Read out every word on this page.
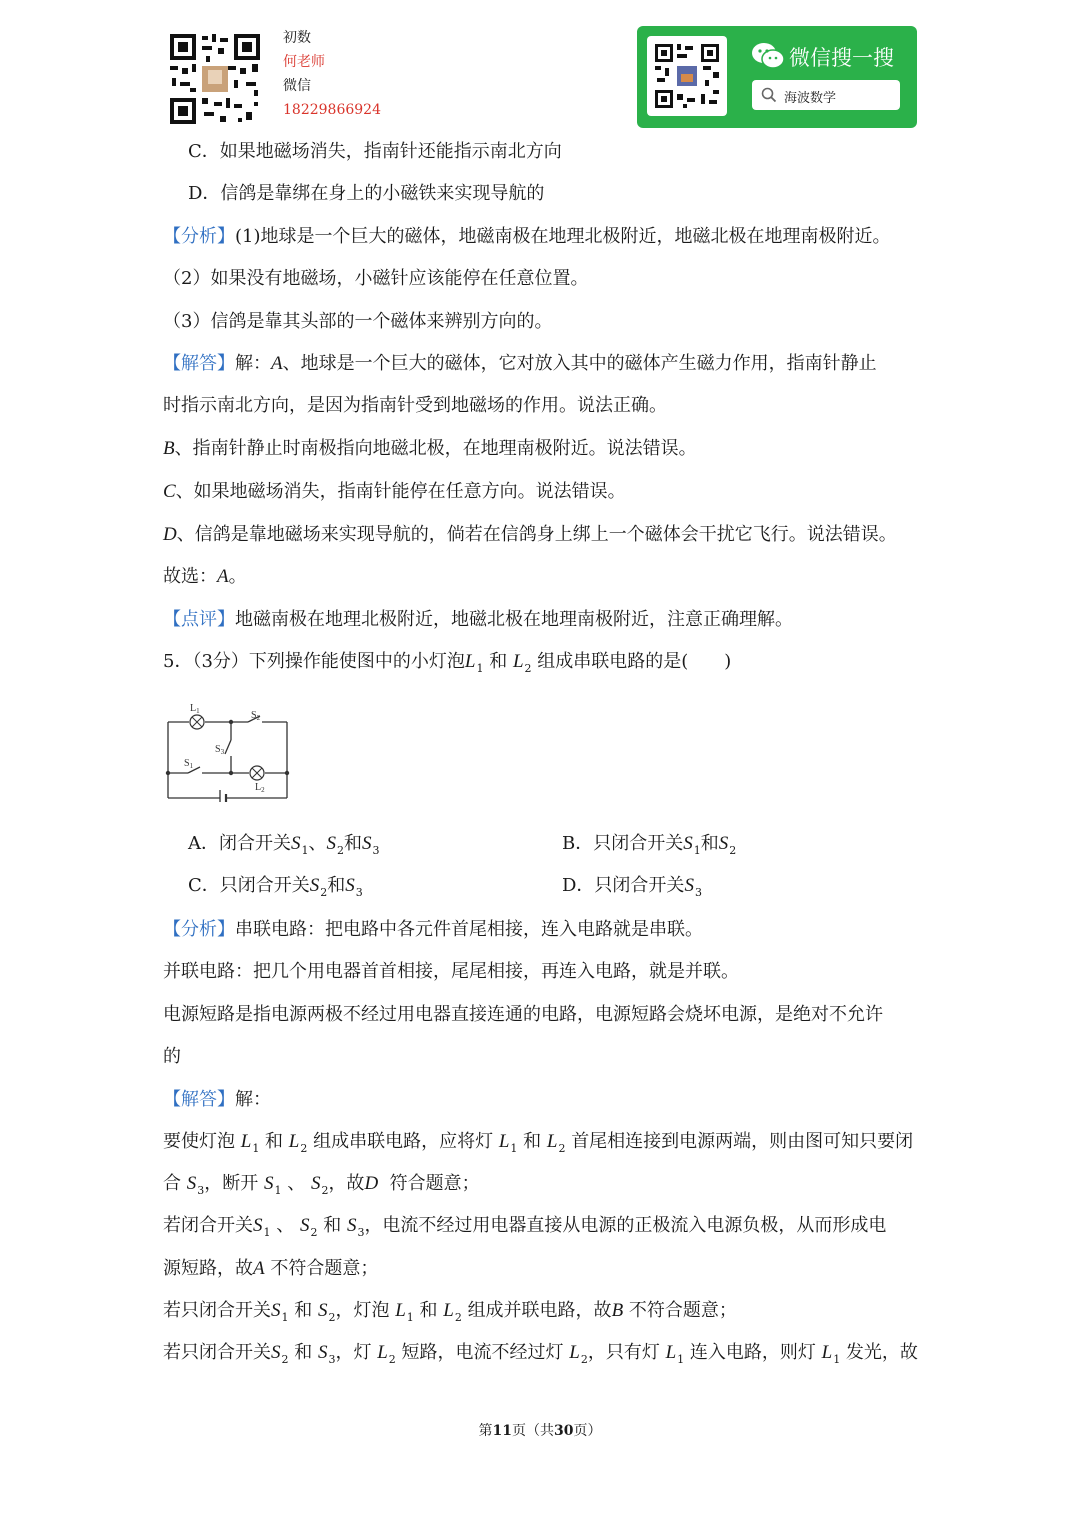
初数
何老师
微信
18229866924
微信搜一搜
海波数学
C．如果地磁场消失，指南针还能指示南北方向
D．信鸽是靠绑在身上的小磁铁来实现导航的
【分析】(1)地球是一个巨大的磁体，地磁南极在地理北极附近，地磁北极在地理南极附近。
（2）如果没有地磁场，小磁针应该能停在任意位置。
（3）信鸽是靠其头部的一个磁体来辨别方向的。
【解答】解：A、地球是一个巨大的磁体，它对放入其中的磁体产生磁力作用，指南针静止
时指示南北方向，是因为指南针受到地磁场的作用。说法正确。
B、指南针静止时南极指向地磁北极，在地理南极附近。说法错误。
C、如果地磁场消失，指南针能停在任意方向。说法错误。
D、信鸽是靠地磁场来实现导航的，倘若在信鸽身上绑上一个磁体会干扰它飞行。说法错误。
故选：A。
【点评】地磁南极在地理北极附近，地磁北极在地理南极附近，注意正确理解。
5．（3分）下列操作能使图中的小灯泡$L_1$ 和 $L_2$ 组成串联电路的是(　　)
$L_1$	$S_2$
$S_3$
$S_1$
$L_2$
A．闭合开关$S_1$、$S_2$和$S_3$	B．只闭合开关$S_1$和$S_2$
C．只闭合开关$S_2$和$S_3$	D．只闭合开关$S_3$
【分析】串联电路：把电路中各元件首尾相接，连入电路就是串联。
并联电路：把几个用电器首首相接，尾尾相接，再连入电路，就是并联。
电源短路是指电源两极不经过用电器直接连通的电路，电源短路会烧坏电源，是绝对不允许
的
【解答】解：
要使灯泡 $L_1$ 和 $L_2$ 组成串联电路，应将灯 $L_1$ 和 $L_2$ 首尾相连接到电源两端，则由图可知只要闭
合 $S_3$，断开 $S_1$ 、 $S_2$，故D 符合题意；
若闭合开关$S_1$ 、 $S_2$ 和 $S_3$，电流不经过用电器直接从电源的正极流入电源负极，从而形成电
源短路，故A 不符合题意；
若只闭合开关$S_1$ 和 $S_2$，灯泡 $L_1$ 和 $L_2$ 组成并联电路，故B 不符合题意；
若只闭合开关$S_2$ 和 $S_3$，灯 $L_2$ 短路，电流不经过灯 $L_2$，只有灯 $L_1$ 连入电路，则灯 $L_1$ 发光，故
第11页（共30页）
